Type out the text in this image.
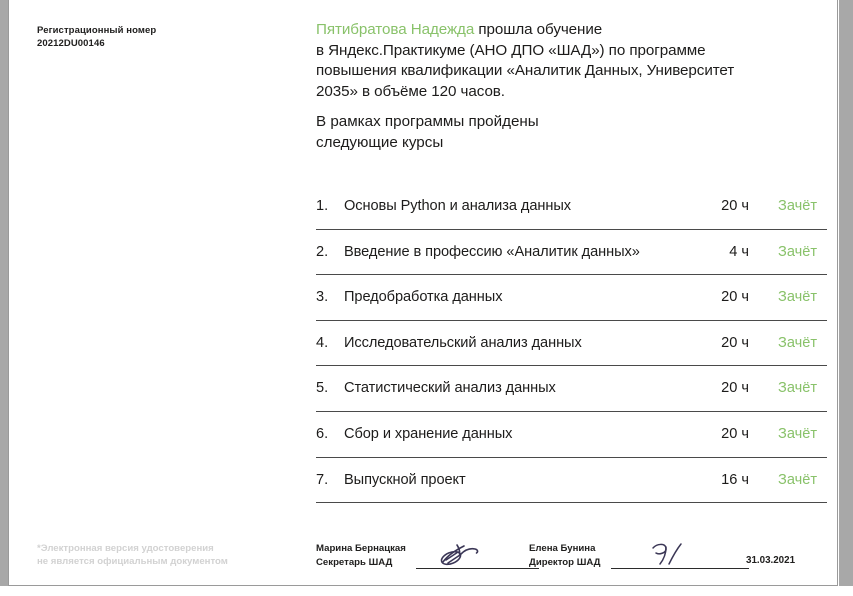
Регистрационный номер
20212DU00146
Пятибратова Надежда прошла обучение
в Яндекс.Практикуме (АНО ДПО «ШАД») по программе
повышения квалификации «Аналитик Данных, Университет
2035» в объёме 120 часов.
В рамках программы пройдены
следующие курсы
1.	Основы Python и анализа данных	20 ч	Зачёт
2.	Введение в профессию «Аналитик данных»	4 ч	Зачёт
3.	Предобработка данных	20 ч	Зачёт
4.	Исследовательский анализ данных	20 ч	Зачёт
5.	Статистический анализ данных	20 ч	Зачёт
6.	Сбор и хранение данных	20 ч	Зачёт
7.	Выпускной проект	16 ч	Зачёт
*Электронная версия удостоверения
не является официальным документом
Марина Бернацкая
Секретарь ШАД

Елена Бунина
Директор ШАД
	31.03.2021
